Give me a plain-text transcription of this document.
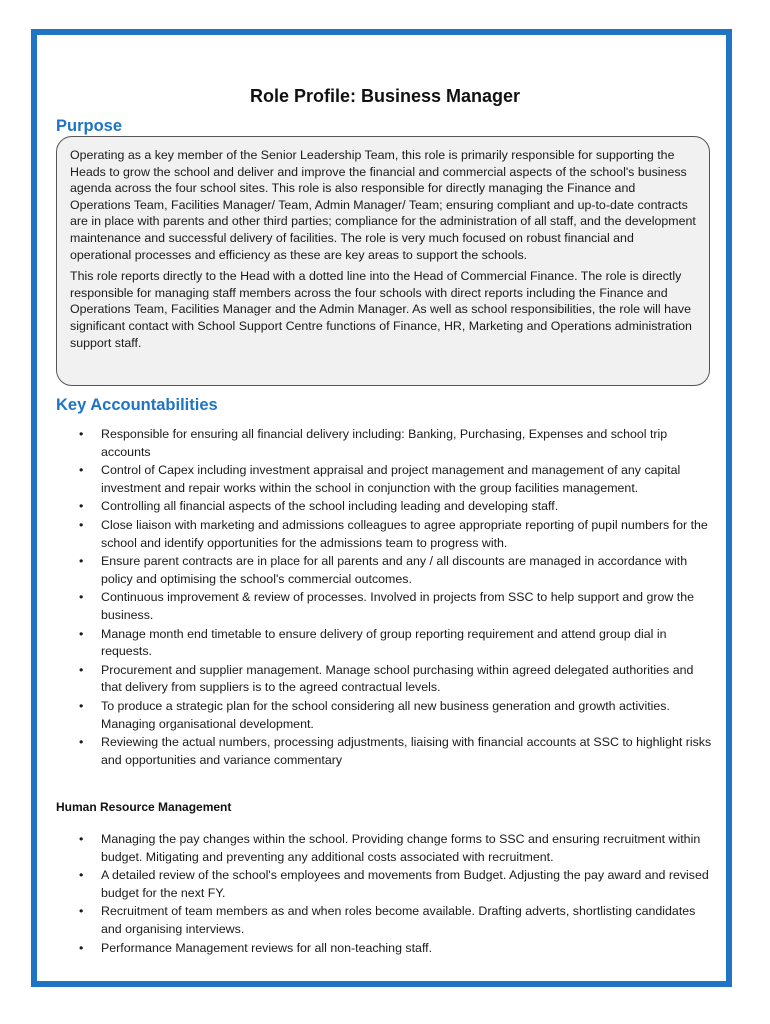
Role Profile: Business Manager
Purpose

Operating as a key member of the Senior Leadership Team, this role is primarily responsible for supporting the Heads to grow the school and deliver and improve the financial and commercial aspects of the school's business agenda across the four school sites. This role is also responsible for directly managing the Finance and Operations Team, Facilities Manager/ Team, Admin Manager/ Team; ensuring compliant and up-to-date contracts are in place with parents and other third parties; compliance for the administration of all staff, and the development maintenance and successful delivery of facilities. The role is very much focused on robust financial and operational processes and efficiency as these are key areas to support the schools.

This role reports directly to the Head with a dotted line into the Head of Commercial Finance. The role is directly responsible for managing staff members across the four schools with direct reports including the Finance and Operations Team, Facilities Manager and the Admin Manager. As well as school responsibilities, the role will have significant contact with School Support Centre functions of Finance, HR, Marketing and Operations administration support staff.

Key Accountabilities
• Responsible for ensuring all financial delivery including: Banking, Purchasing, Expenses and school trip accounts
• Control of Capex including investment appraisal and project management and management of any capital investment and repair works within the school in conjunction with the group facilities management.
• Controlling all financial aspects of the school including leading and developing staff.
• Close liaison with marketing and admissions colleagues to agree appropriate reporting of pupil numbers for the school and identify opportunities for the admissions team to progress with.
• Ensure parent contracts are in place for all parents and any / all discounts are managed in accordance with policy and optimising the school's commercial outcomes.
• Continuous improvement & review of processes. Involved in projects from SSC to help support and grow the business.
• Manage month end timetable to ensure delivery of group reporting requirement and attend group dial in requests.
• Procurement and supplier management. Manage school purchasing within agreed delegated authorities and that delivery from suppliers is to the agreed contractual levels.
• To produce a strategic plan for the school considering all new business generation and growth activities. Managing organisational development.
• Reviewing the actual numbers, processing adjustments, liaising with financial accounts at SSC to highlight risks and opportunities and variance commentary
Human Resource Management
• Managing the pay changes within the school. Providing change forms to SSC and ensuring recruitment within budget. Mitigating and preventing any additional costs associated with recruitment.
• A detailed review of the school's employees and movements from Budget. Adjusting the pay award and revised budget for the next FY.
• Recruitment of team members as and when roles become available. Drafting adverts, shortlisting candidates and organising interviews.
• Performance Management reviews for all non-teaching staff.
